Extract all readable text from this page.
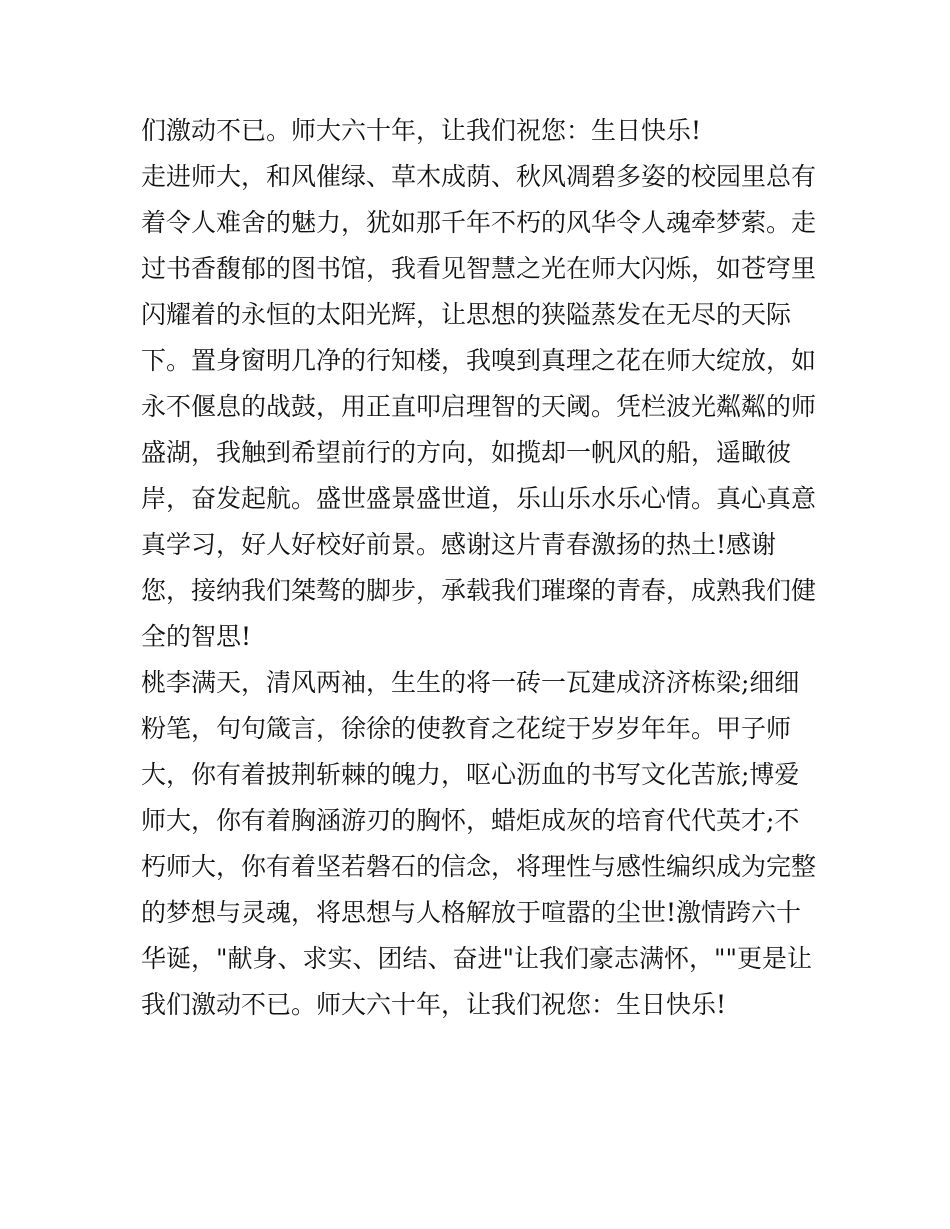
们激动不已。师大六十年，让我们祝您：生日快乐!
走进师大，和风催绿、草木成荫、秋风凋碧多姿的校园里总有
着令人难舍的魅力，犹如那千年不朽的风华令人魂牵梦萦。走
过书香馥郁的图书馆，我看见智慧之光在师大闪烁，如苍穹里
闪耀着的永恒的太阳光辉，让思想的狭隘蒸发在无尽的天际
下。置身窗明几净的行知楼，我嗅到真理之花在师大绽放，如
永不偃息的战鼓，用正直叩启理智的天阈。凭栏波光粼粼的师
盛湖，我触到希望前行的方向，如揽却一帆风的船，遥瞰彼
岸，奋发起航。盛世盛景盛世道，乐山乐水乐心情。真心真意
真学习，好人好校好前景。感谢这片青春激扬的热土!感谢
您，接纳我们桀骜的脚步，承载我们璀璨的青春，成熟我们健
全的智思!
桃李满天，清风两袖，生生的将一砖一瓦建成济济栋梁;细细
粉笔，句句箴言，徐徐的使教育之花绽于岁岁年年。甲子师
大，你有着披荆斩棘的魄力，呕心沥血的书写文化苦旅;博爱
师大，你有着胸涵游刃的胸怀，蜡炬成灰的培育代代英才;不
朽师大，你有着坚若磐石的信念，将理性与感性编织成为完整
的梦想与灵魂，将思想与人格解放于喧嚣的尘世!激情跨六十
华诞，"献身、求实、团结、奋进"让我们豪志满怀，""更是让
我们激动不已。师大六十年，让我们祝您：生日快乐!
